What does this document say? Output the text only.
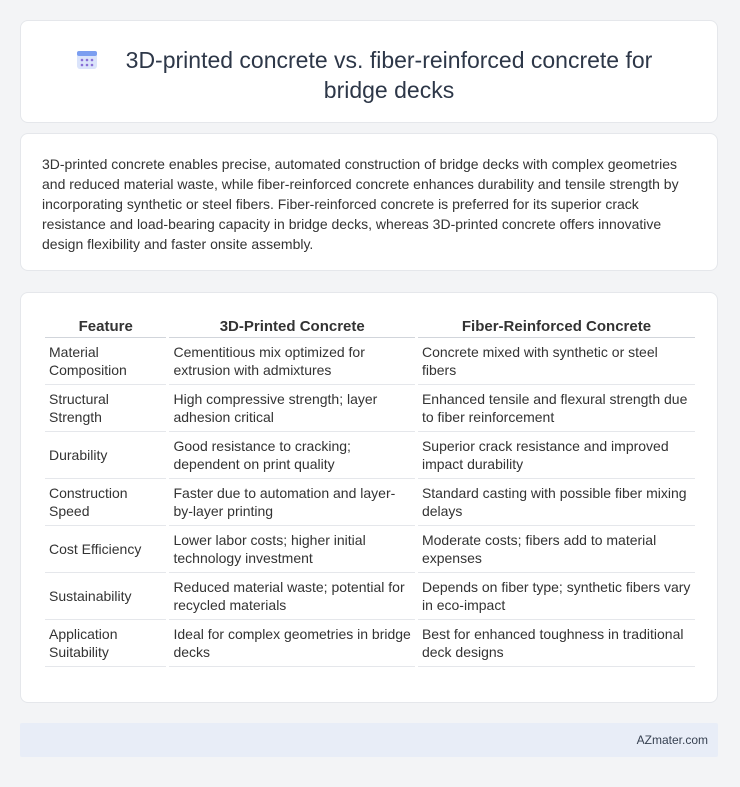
3D-printed concrete vs. fiber-reinforced concrete for bridge decks

3D-printed concrete enables precise, automated construction of bridge decks with complex geometries and reduced material waste, while fiber-reinforced concrete enhances durability and tensile strength by incorporating synthetic or steel fibers. Fiber-reinforced concrete is preferred for its superior crack resistance and load-bearing capacity in bridge decks, whereas 3D-printed concrete offers innovative design flexibility and faster onsite assembly.

Feature	3D-Printed Concrete	Fiber-Reinforced Concrete
Material Composition	Cementitious mix optimized for extrusion with admixtures	Concrete mixed with synthetic or steel fibers
Structural Strength	High compressive strength; layer adhesion critical	Enhanced tensile and flexural strength due to fiber reinforcement
Durability	Good resistance to cracking; dependent on print quality	Superior crack resistance and improved impact durability
Construction Speed	Faster due to automation and layer-by-layer printing	Standard casting with possible fiber mixing delays
Cost Efficiency	Lower labor costs; higher initial technology investment	Moderate costs; fibers add to material expenses
Sustainability	Reduced material waste; potential for recycled materials	Depends on fiber type; synthetic fibers vary in eco-impact
Application Suitability	Ideal for complex geometries in bridge decks	Best for enhanced toughness in traditional deck designs
AZmater.com
